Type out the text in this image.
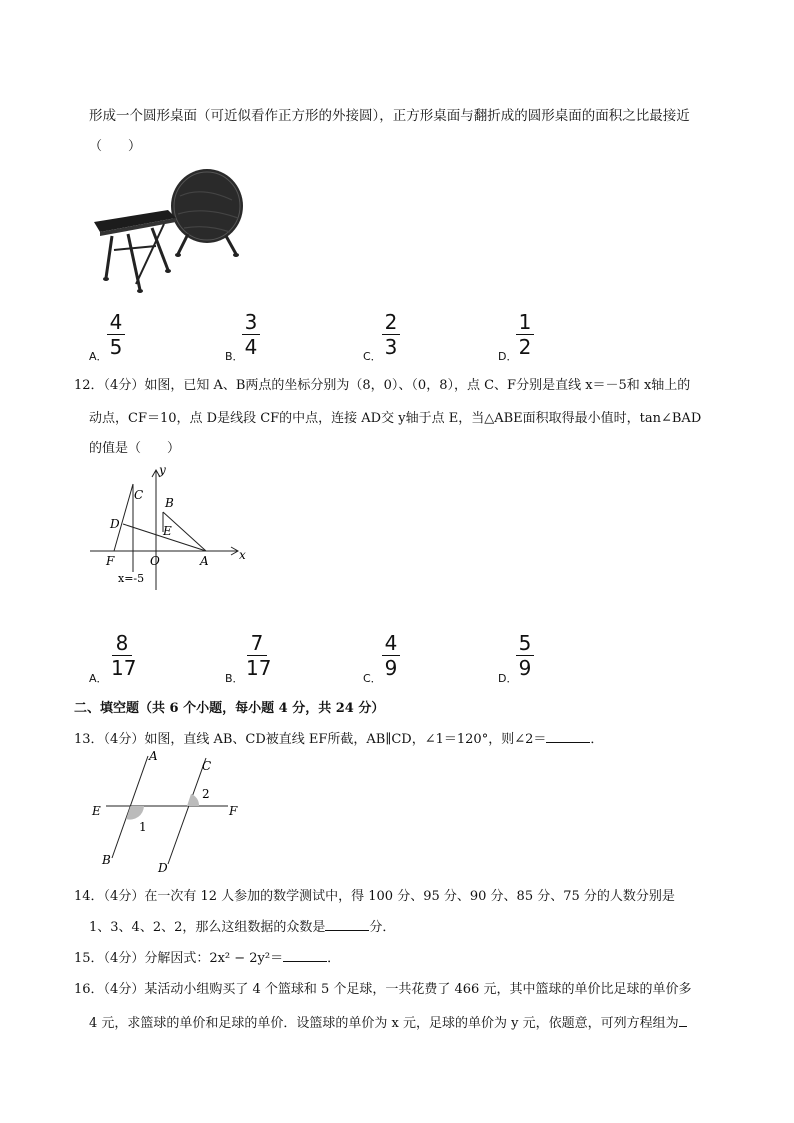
形成一个圆形桌面（可近似看作正方形的外接圆），正方形桌面与翻折成的圆形桌面的面积之比最接近
（　　）
A．
4
5	B．
3
4	C．
2
3	D．
1
2
12．（4分）如图，已知 A、B两点的坐标分别为（8，0）、（0，8），点 C、F分别是直线 x＝－5和 x轴上的
动点，CF＝10，点 D是线段 CF的中点，连接 AD交 y轴于点 E，当△ABE面积取得最小值时，tan∠BAD
的值是（　　）
y
x
B
C
D	E
F	O	A
x=-5
A．
8
17	B．
7
17	C．
4
9	D．
5
9
二、填空题（共 6 个小题，每小题 4 分，共 24 分）
13．（4分）如图，直线 AB、CD被直线 EF所截，AB∥CD，∠1＝120°，则∠2＝	．
A
B
C
D
E	F
1
2
14．（4分）在一次有 12 人参加的数学测试中，得 100 分、95 分、90 分、85 分、75 分的人数分别是
1、3、4、2、2，那么这组数据的众数是	分．
15．（4分）分解因式：2x² − 2y²＝	．
16．（4分）某活动小组购买了 4 个篮球和 5 个足球，一共花费了 466 元，其中篮球的单价比足球的单价多
4 元，求篮球的单价和足球的单价．设篮球的单价为 x 元，足球的单价为 y 元，依题意，可列方程组为
